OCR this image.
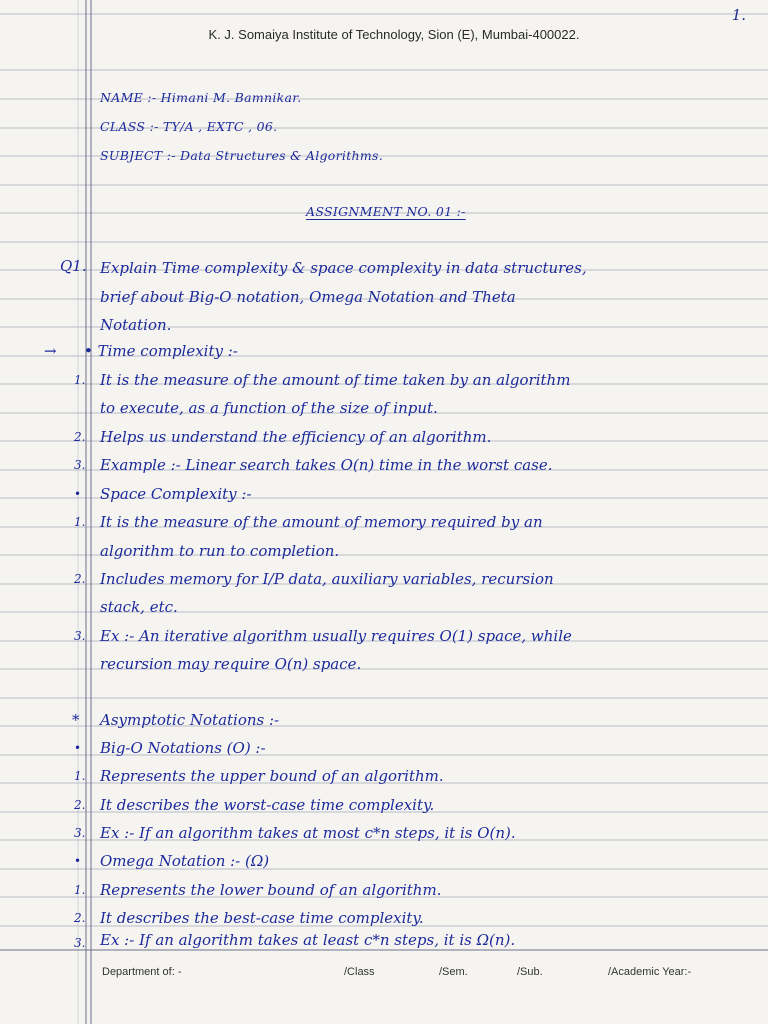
1.
K. J. Somaiya Institute of Technology, Sion (E), Mumbai-400022.
NAME :- Himani M. Bamnikar.
CLASS :- TY/A , EXTC , 06.
SUBJECT :- Data Structures & Algorithms.
ASSIGNMENT NO. 01 :-
Q1. Explain Time complexity & space complexity in data structures,
brief about Big-O notation, Omega Notation and Theta
Notation.
→ • Time complexity :-
1. It is the measure of the amount of time taken by an algorithm
to execute, as a function of the size of input.
2. Helps us understand the efficiency of an algorithm.
3. Example :- Linear search takes O(n) time in the worst case.
• Space Complexity :-
1. It is the measure of the amount of memory required by an
algorithm to run to completion.
2. Includes memory for I/P data, auxiliary variables, recursion
stack, etc.
3. Ex :- An iterative algorithm usually requires O(1) space, while
recursion may require O(n) space.
* Asymptotic Notations :-
• Big-O Notations (O) :-
1. Represents the upper bound of an algorithm.
2. It describes the worst-case time complexity.
3. Ex :- If an algorithm takes at most c*n steps, it is O(n).
• Omega Notation :- (Ω)
1. Represents the lower bound of an algorithm.
2. It describes the best-case time complexity.
3. Ex :- If an algorithm takes at least c*n steps, it is Ω(n).
Department of: -	/Class	/Sem.	/Sub.	/Academic Year:-
